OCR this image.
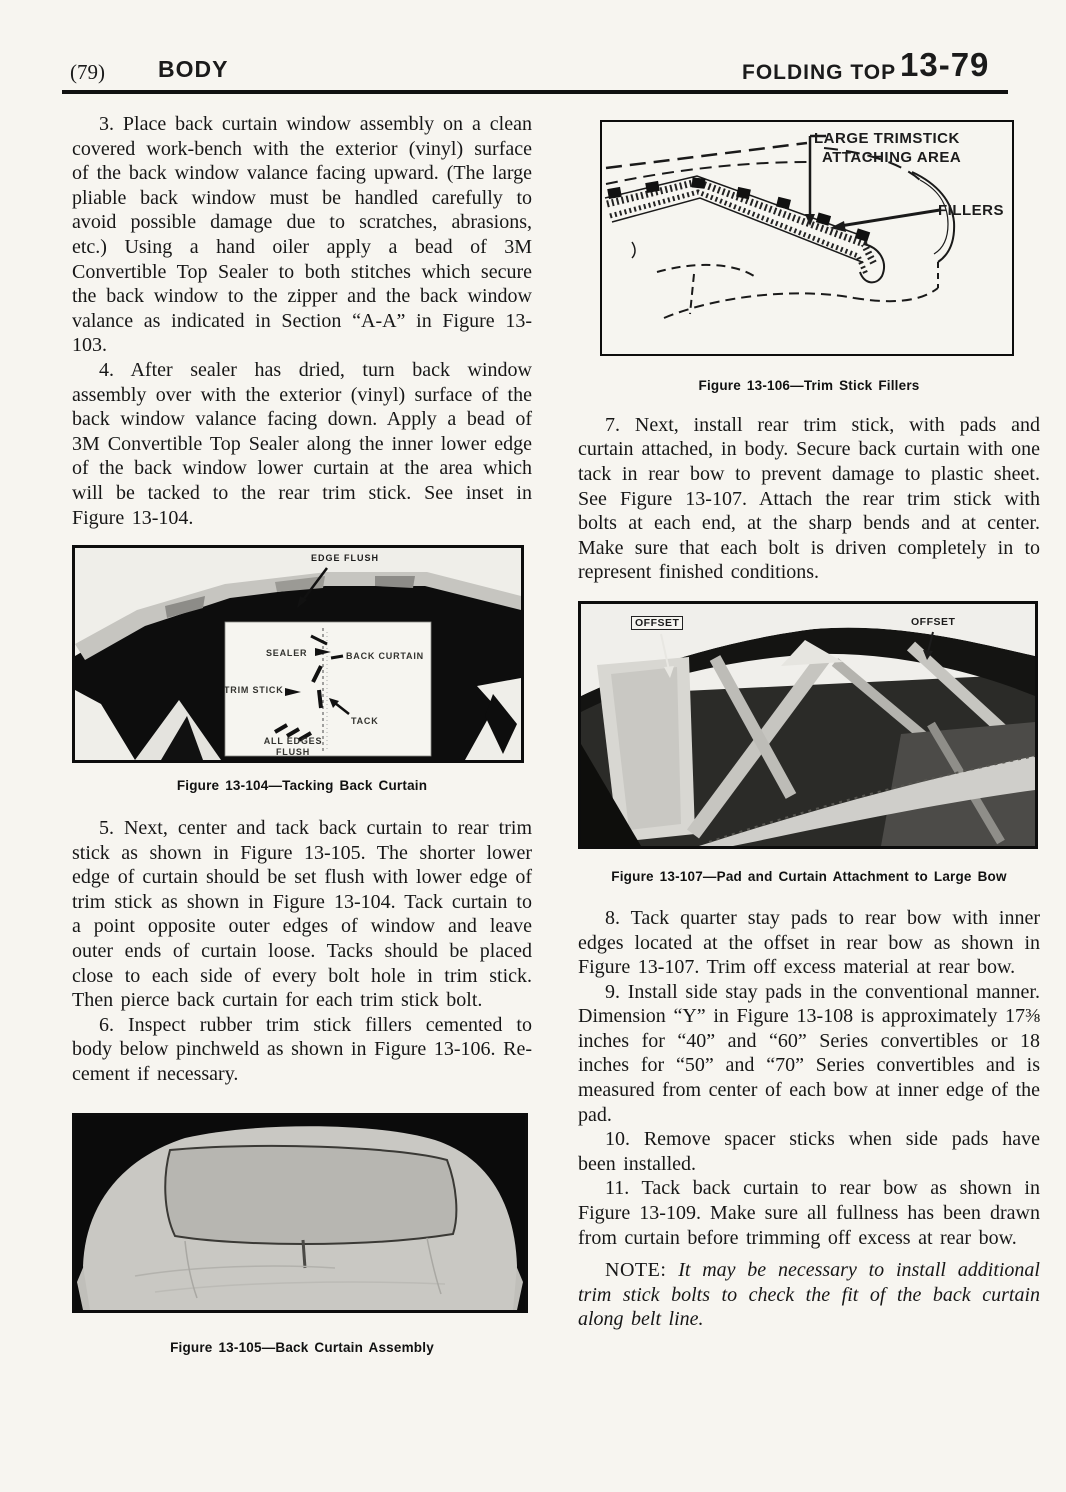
(79) BODY	FOLDING TOP 13-79

3. Place back curtain window assembly on a clean covered work-bench with the exterior (vinyl) surface of the back window valance facing upward. (The large pliable back window must be handled carefully to avoid possible damage due to scratches, abrasions, etc.) Using a hand oiler apply a bead of 3M Convertible Top Sealer to both stitches which secure the back window to the zipper and the back window valance as indicated in Section “A-A” in Figure 13-103.

4. After sealer has dried, turn back window assembly over with the exterior (vinyl) surface of the back window valance facing down. Apply a bead of 3M Convertible Top Sealer along the inner lower edge of the back window lower curtain at the area which will be tacked to the rear trim stick. See inset in Figure 13-104.

EDGE FLUSH
SEALER	BACK CURTAIN
TRIM STICK
TACK
ALL EDGES FLUSH
Figure 13-104—Tacking Back Curtain

5. Next, center and tack back curtain to rear trim stick as shown in Figure 13-105. The shorter lower edge of curtain should be set flush with lower edge of trim stick as shown in Figure 13-104. Tack curtain to a point opposite outer edges of window and leave outer ends of curtain loose. Tacks should be placed close to each side of every bolt hole in trim stick. Then pierce back curtain for each trim stick bolt.

6. Inspect rubber trim stick fillers cemented to body below pinchweld as shown in Figure 13-106. Re-cement if necessary.

Figure 13-105—Back Curtain Assembly
LARGE TRIMSTICK
ATTACHING AREA
FILLERS
Figure 13-106—Trim Stick Fillers

7. Next, install rear trim stick, with pads and curtain attached, in body. Secure back curtain with one tack in rear bow to prevent damage to plastic sheet. See Figure 13-107. Attach the rear trim stick with bolts at each end, at the sharp bends and at center. Make sure that each bolt is driven completely in to represent finished conditions.

OFFSET	OFFSET
Figure 13-107—Pad and Curtain Attachment to Large Bow

8. Tack quarter stay pads to rear bow with inner edges located at the offset in rear bow as shown in Figure 13-107. Trim off excess material at rear bow.

9. Install side stay pads in the conventional manner. Dimension “Y” in Figure 13-108 is approximately 17⅜ inches for “40” and “60” Series convertibles or 18 inches for “50” and “70” Series convertibles and is measured from center of each bow at inner edge of the pad.

10. Remove spacer sticks when side pads have been installed.

11. Tack back curtain to rear bow as shown in Figure 13-109. Make sure all fullness has been drawn from curtain before trimming off excess at rear bow.

NOTE: It may be necessary to install additional trim stick bolts to check the fit of the back curtain along belt line.
